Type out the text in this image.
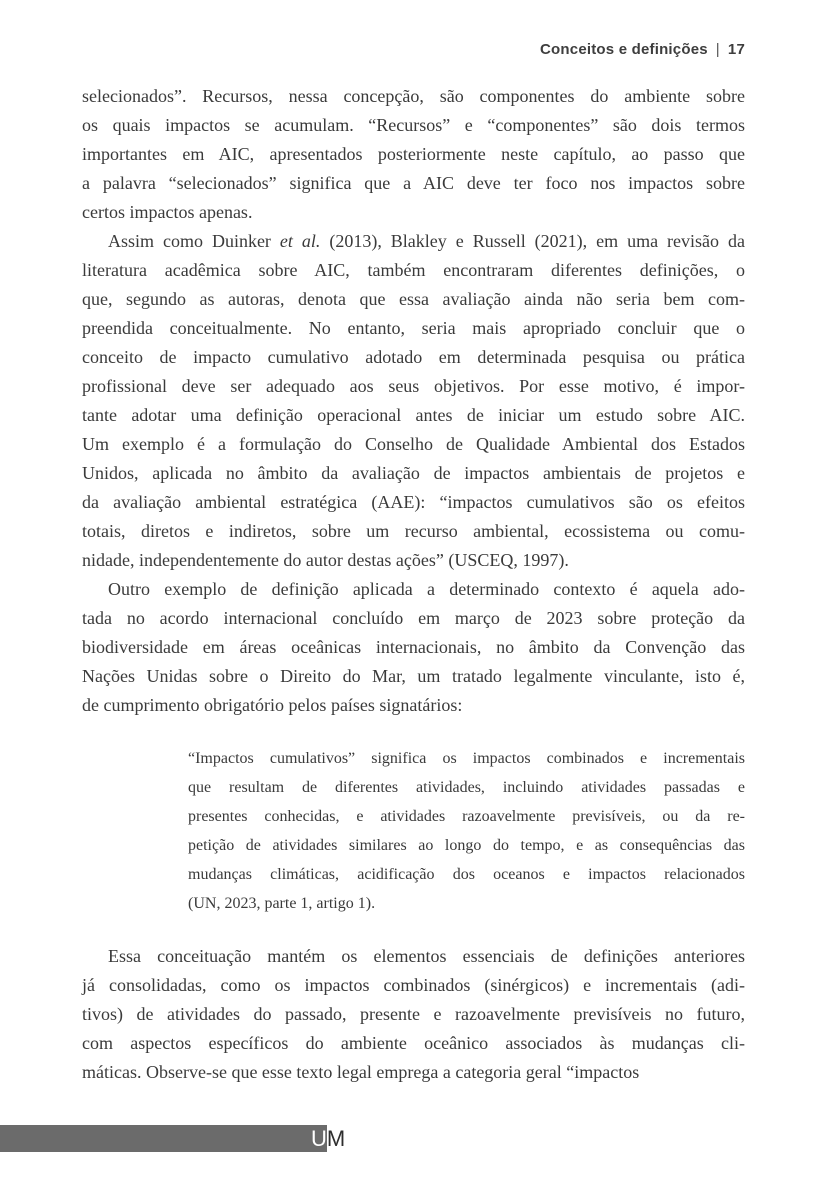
Conceitos e definições | 17
selecionados”. Recursos, nessa concepção, são componentes do ambiente sobre
os quais impactos se acumulam. “Recursos” e “componentes” são dois termos
importantes em AIC, apresentados posteriormente neste capítulo, ao passo que
a palavra “selecionados” significa que a AIC deve ter foco nos impactos sobre
certos impactos apenas.
Assim como Duinker et al. (2013), Blakley e Russell (2021), em uma revisão da
literatura acadêmica sobre AIC, também encontraram diferentes definições, o
que, segundo as autoras, denota que essa avaliação ainda não seria bem com-
preendida conceitualmente. No entanto, seria mais apropriado concluir que o
conceito de impacto cumulativo adotado em determinada pesquisa ou prática
profissional deve ser adequado aos seus objetivos. Por esse motivo, é impor-
tante adotar uma definição operacional antes de iniciar um estudo sobre AIC.
Um exemplo é a formulação do Conselho de Qualidade Ambiental dos Estados
Unidos, aplicada no âmbito da avaliação de impactos ambientais de projetos e
da avaliação ambiental estratégica (AAE): “impactos cumulativos são os efeitos
totais, diretos e indiretos, sobre um recurso ambiental, ecossistema ou comu-
nidade, independentemente do autor destas ações” (USCEQ, 1997).
Outro exemplo de definição aplicada a determinado contexto é aquela ado-
tada no acordo internacional concluído em março de 2023 sobre proteção da
biodiversidade em áreas oceânicas internacionais, no âmbito da Convenção das
Nações Unidas sobre o Direito do Mar, um tratado legalmente vinculante, isto é,
de cumprimento obrigatório pelos países signatários:
“Impactos cumulativos” significa os impactos combinados e incrementais
que resultam de diferentes atividades, incluindo atividades passadas e
presentes conhecidas, e atividades razoavelmente previsíveis, ou da re-
petição de atividades similares ao longo do tempo, e as consequências das
mudanças climáticas, acidificação dos oceanos e impactos relacionados
(UN, 2023, parte 1, artigo 1).
Essa conceituação mantém os elementos essenciais de definições anteriores
já consolidadas, como os impactos combinados (sinérgicos) e incrementais (adi-
tivos) de atividades do passado, presente e razoavelmente previsíveis no futuro,
com aspectos específicos do ambiente oceânico associados às mudanças cli-
máticas. Observe-se que esse texto legal emprega a categoria geral “impactos
U M
